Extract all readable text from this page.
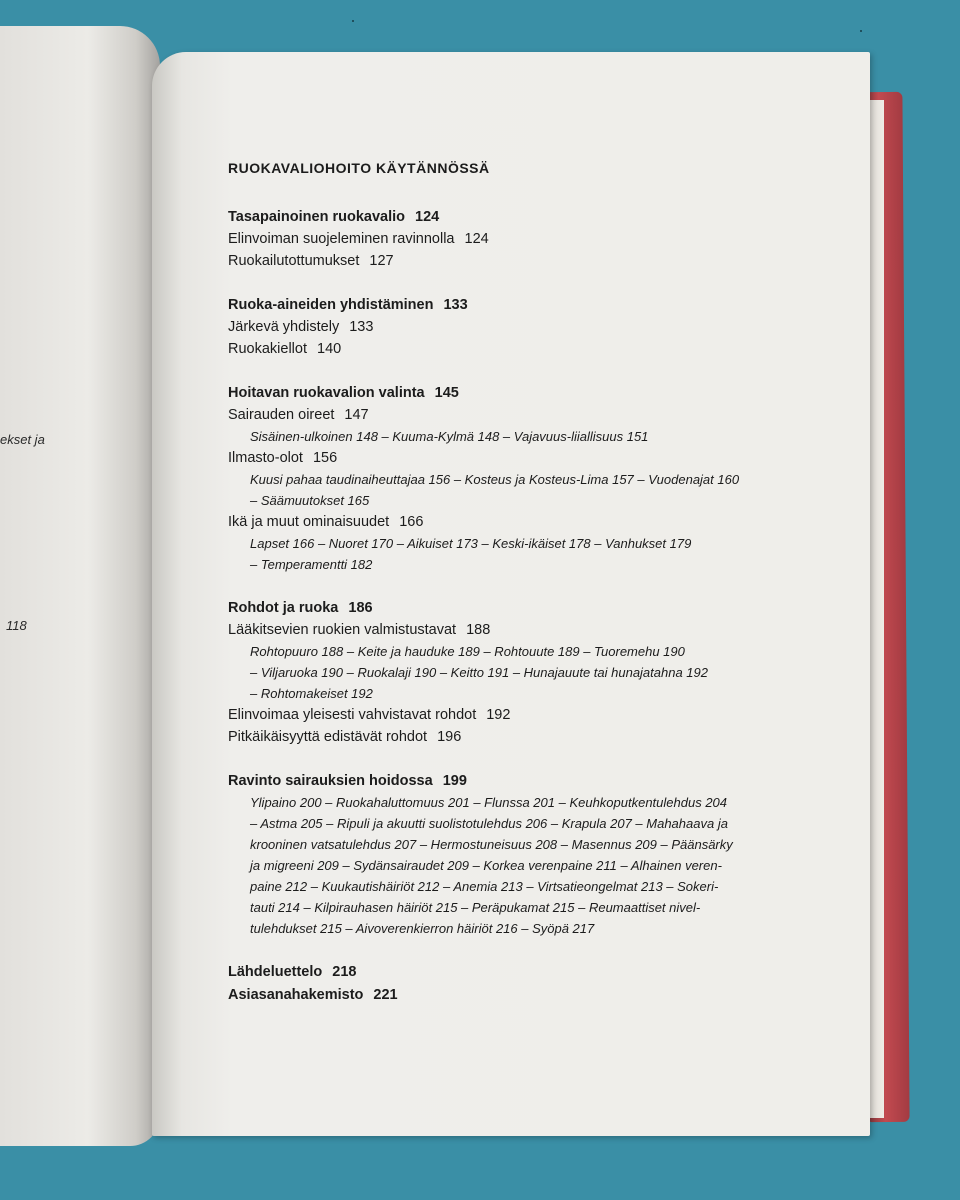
ekset ja
118
RUOKAVALIOHOITO KÄYTÄNNÖSSÄ
Tasapainoinen ruokavalio 124
Elinvoiman suojeleminen ravinnolla 124
Ruokailutottumukset 127
Ruoka-aineiden yhdistäminen 133
Järkevä yhdistely 133
Ruokakiellot 140
Hoitavan ruokavalion valinta 145
Sairauden oireet 147
Sisäinen-ulkoinen 148 – Kuuma-Kylmä 148 – Vajavuus-liiallisuus 151
Ilmasto-olot 156
Kuusi pahaa taudinaiheuttajaa 156 – Kosteus ja Kosteus-Lima 157 – Vuodenajat 160
– Säämuutokset 165
Ikä ja muut ominaisuudet 166
Lapset 166 – Nuoret 170 – Aikuiset 173 – Keski-ikäiset 178 – Vanhukset 179
– Temperamentti 182
Rohdot ja ruoka 186
Lääkitsevien ruokien valmistustavat 188
Rohtopuuro 188 – Keite ja hauduke 189 – Rohtouute 189 – Tuoremehu 190
– Viljaruoka 190 – Ruokalaji 190 – Keitto 191 – Hunajauute tai hunajatahna 192
– Rohtomakeiset 192
Elinvoimaa yleisesti vahvistavat rohdot 192
Pitkäikäisyyttä edistävät rohdot 196
Ravinto sairauksien hoidossa 199
Ylipaino 200 – Ruokahaluttomuus 201 – Flunssa 201 – Keuhkoputkentulehdus 204
– Astma 205 – Ripuli ja akuutti suolistotulehdus 206 – Krapula 207 – Mahahaava ja
krooninen vatsatulehdus 207 – Hermostuneisuus 208 – Masennus 209 – Päänsärky
ja migreeni 209 – Sydänsairaudet 209 – Korkea verenpaine 211 – Alhainen veren-
paine 212 – Kuukautishäiriöt 212 – Anemia 213 – Virtsatieongelmat 213 – Sokeri-
tauti 214 – Kilpirauhasen häiriöt 215 – Peräpukamat 215 – Reumaattiset nivel-
tulehdukset 215 – Aivoverenkierron häiriöt 216 – Syöpä 217
Lähdeluettelo 218
Asiasanahakemisto 221
